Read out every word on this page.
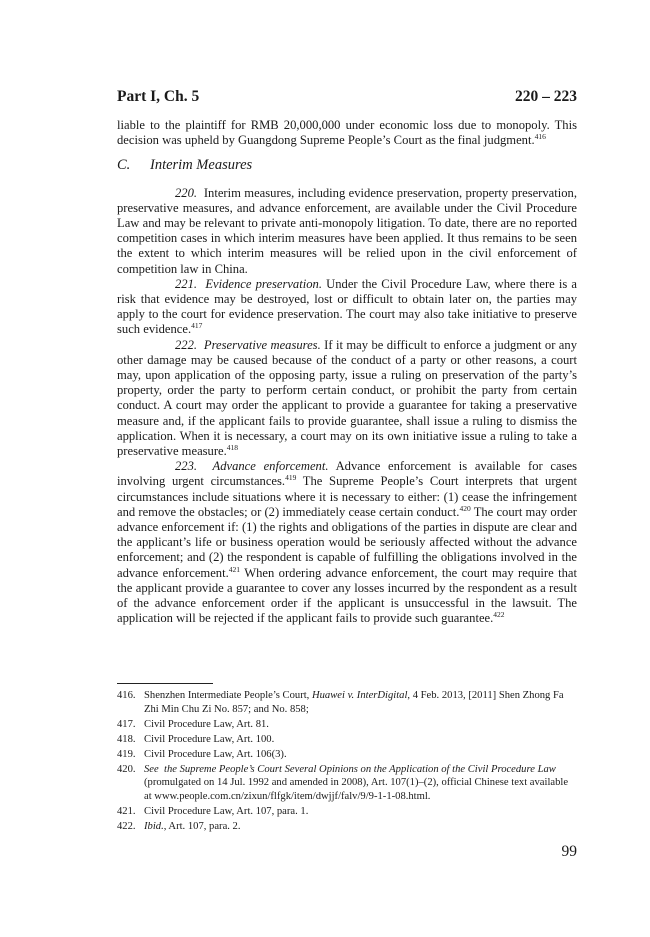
Part I, Ch. 5	220 – 223

liable to the plaintiff for RMB 20,000,000 under economic loss due to monopoly. This decision was upheld by Guangdong Supreme People’s Court as the final judgment.$^{416}$

C. Interim Measures

220. Interim measures, including evidence preservation, property preservation, preservative measures, and advance enforcement, are available under the Civil Procedure Law and may be relevant to private anti-monopoly litigation. To date, there are no reported competition cases in which interim measures have been applied. It thus remains to be seen the extent to which interim measures will be relied upon in the civil enforcement of competition law in China.

221. Evidence preservation. Under the Civil Procedure Law, where there is a risk that evidence may be destroyed, lost or difficult to obtain later on, the parties may apply to the court for evidence preservation. The court may also take initiative to preserve such evidence.$^{417}$

222. Preservative measures. If it may be difficult to enforce a judgment or any other damage may be caused because of the conduct of a party or other reasons, a court may, upon application of the opposing party, issue a ruling on preservation of the party’s property, order the party to perform certain conduct, or prohibit the party from certain conduct. A court may order the applicant to provide a guarantee for taking a preservative measure and, if the applicant fails to provide guarantee, shall issue a ruling to dismiss the application. When it is necessary, a court may on its own initiative issue a ruling to take a preservative measure.$^{418}$

223. Advance enforcement. Advance enforcement is available for cases involving urgent circumstances.$^{419}$ The Supreme People’s Court interprets that urgent circumstances include situations where it is necessary to either: (1) cease the infringement and remove the obstacles; or (2) immediately cease certain conduct.$^{420}$ The court may order advance enforcement if: (1) the rights and obligations of the parties in dispute are clear and the applicant’s life or business operation would be seriously affected without the advance enforcement; and (2) the respondent is capable of fulfilling the obligations involved in the advance enforcement.$^{421}$ When ordering advance enforcement, the court may require that the applicant provide a guarantee to cover any losses incurred by the respondent as a result of the advance enforcement order if the applicant is unsuccessful in the lawsuit. The application will be rejected if the applicant fails to provide such guarantee.$^{422}$

416. Shenzhen Intermediate People’s Court, Huawei v. InterDigital, 4 Feb. 2013, [2011] Shen Zhong Fa Zhi Min Chu Zi No. 857; and No. 858;
417. Civil Procedure Law, Art. 81.
418. Civil Procedure Law, Art. 100.
419. Civil Procedure Law, Art. 106(3).
420. See the Supreme People’s Court Several Opinions on the Application of the Civil Procedure Law (promulgated on 14 Jul. 1992 and amended in 2008), Art. 107(1)–(2), official Chinese text available at www.people.com.cn/zixun/flfgk/item/dwjjf/falv/9/9-1-1-08.html.
421. Civil Procedure Law, Art. 107, para. 1.
422. Ibid., Art. 107, para. 2.
99
